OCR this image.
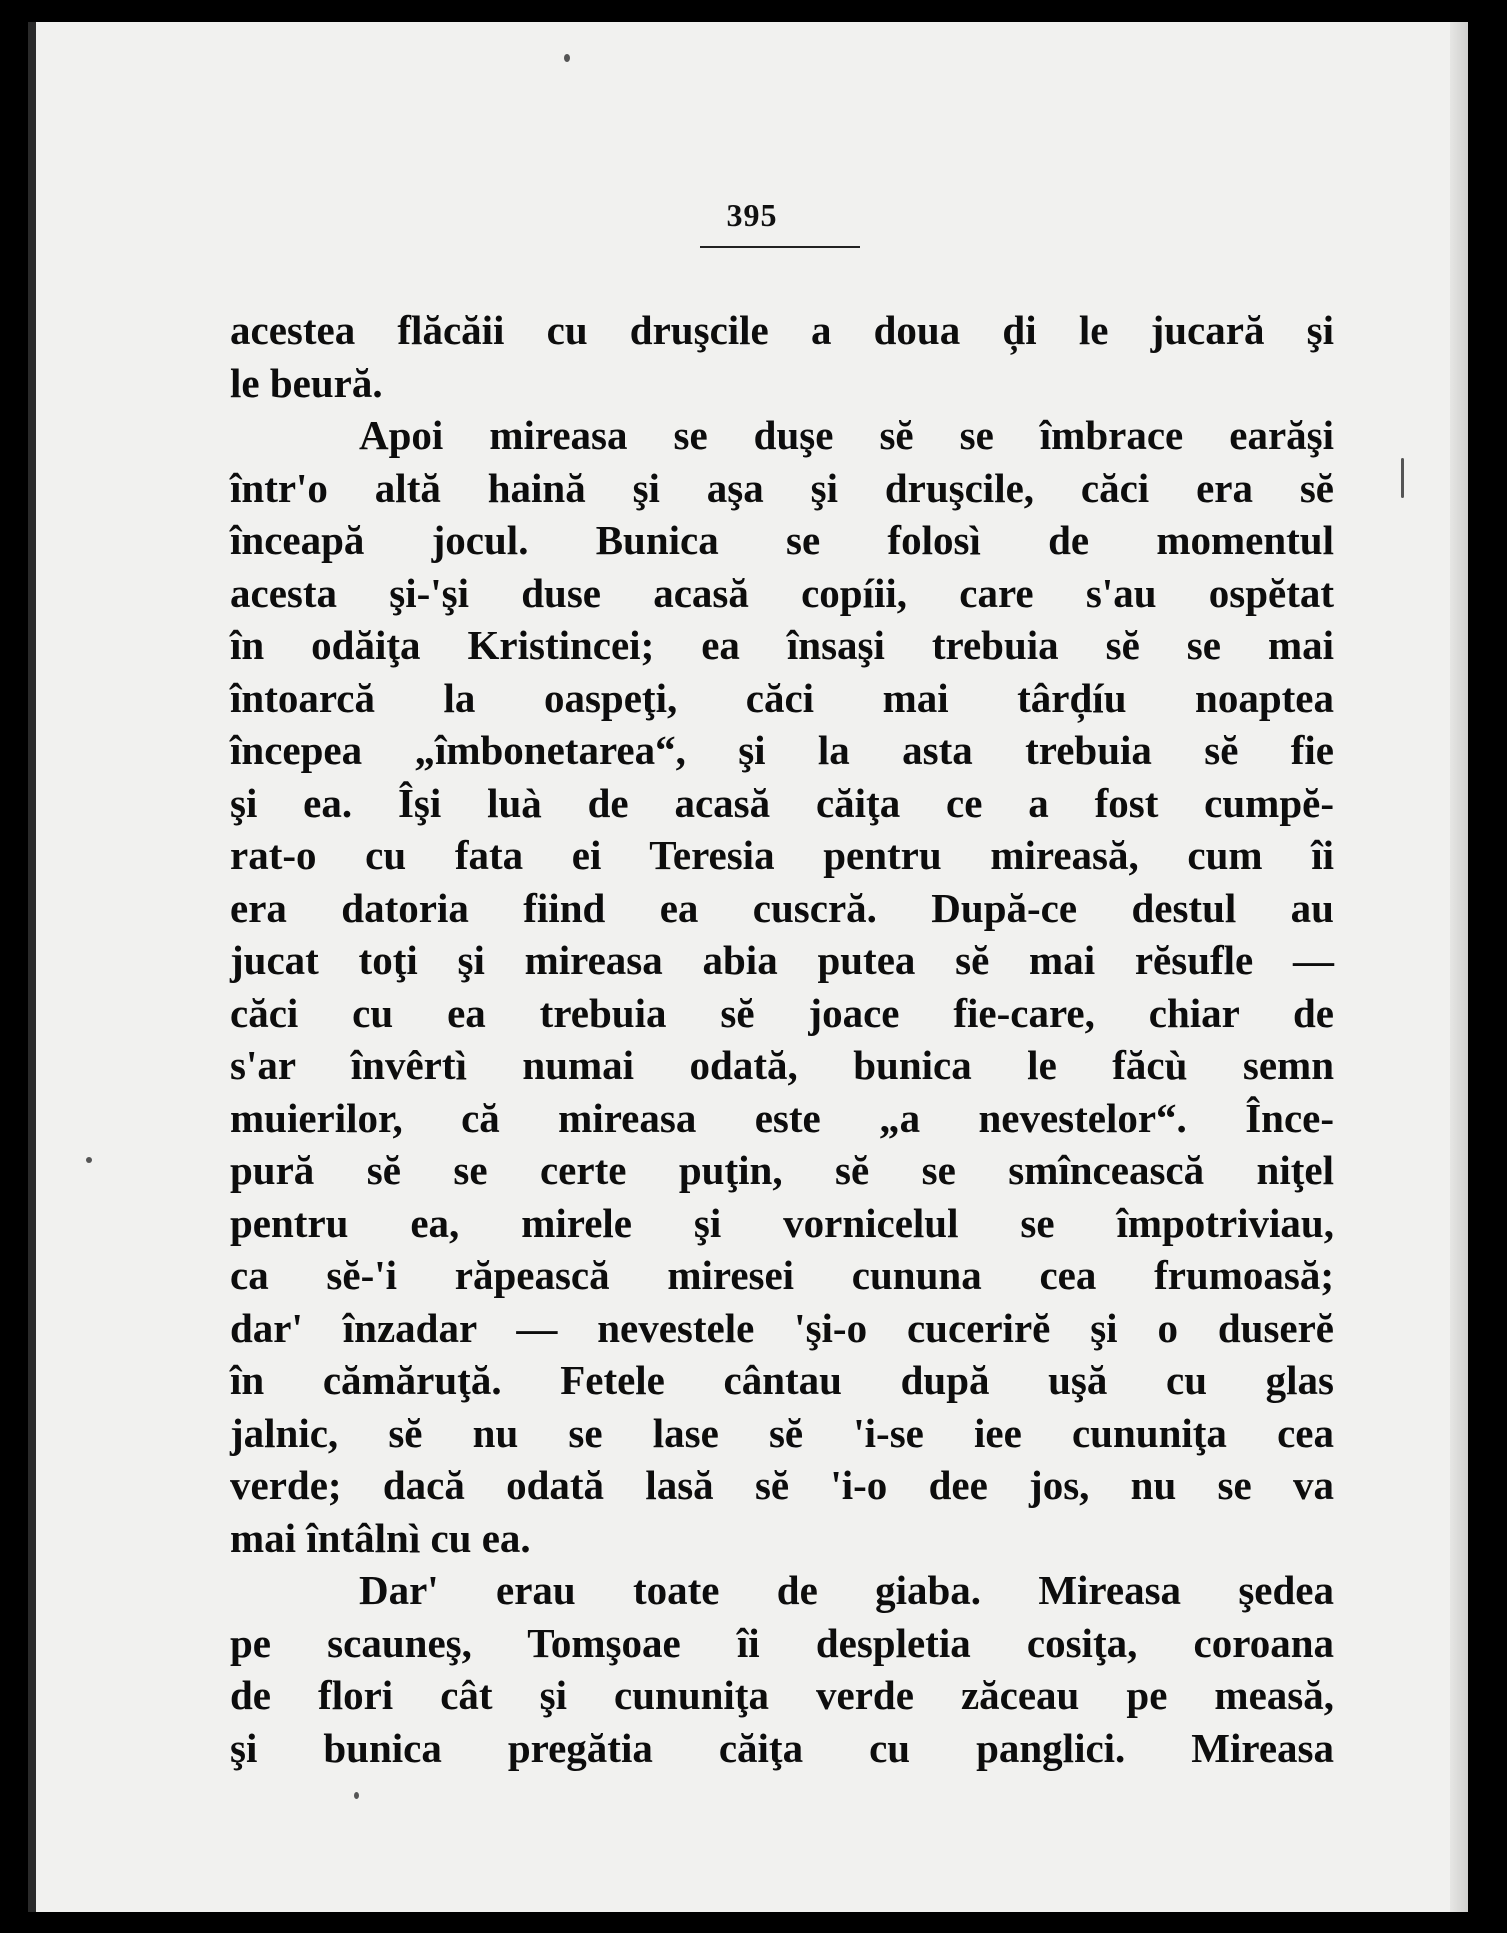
395

acestea flăcăii cu druşcile a doua ḑi le jucară şi
le beură.

Apoi mireasa se duşe sĕ se îmbrace earăşi
într'o altă haină şi aşa şi druşcile, căci era sĕ
înceapă jocul. Bunica se folosì de momentul
acesta şi-'şi duse acasă copíii, care s'au ospĕtat
în odăiţa Kristincei; ea însaşi trebuia sĕ se mai
întoarcă la oaspeţi, căci mai târḑíu noaptea
începea „îmbonetarea“, şi la asta trebuia sĕ fie
şi ea. Îşi luà de acasă căiţa ce a fost cumpĕ-
rat-o cu fata ei Teresia pentru mireasă, cum îi
era datoria fiind ea cuscră. După-ce destul au
jucat toţi şi mireasa abia putea sĕ mai rĕsufle —
căci cu ea trebuia sĕ joace fie-care, chiar de
s'ar învêrtì numai odată, bunica le făcù semn
muierilor, că mireasa este „a nevestelor“. Înce-
pură sĕ se certe puţin, sĕ se smîncească niţel
pentru ea, mirele şi vornicelul se împotriviau,
ca sĕ-'i răpească miresei cununa cea frumoasă;
dar' înzadar — nevestele 'şi-o cucerirĕ şi o duserĕ
în cămăruţă. Fetele cântau după uşă cu glas
jalnic, sĕ nu se lase sĕ 'i-se iee cununiţa cea
verde; dacă odată lasă sĕ 'i-o dee jos, nu se va
mai întâlnì cu ea.

Dar' erau toate de giaba. Mireasa şedea
pe scauneş, Tomşoae îi despletia cosiţa, coroana
de flori cât şi cununiţa verde zăceau pe measă,
şi bunica pregătia căiţa cu panglici. Mireasa
